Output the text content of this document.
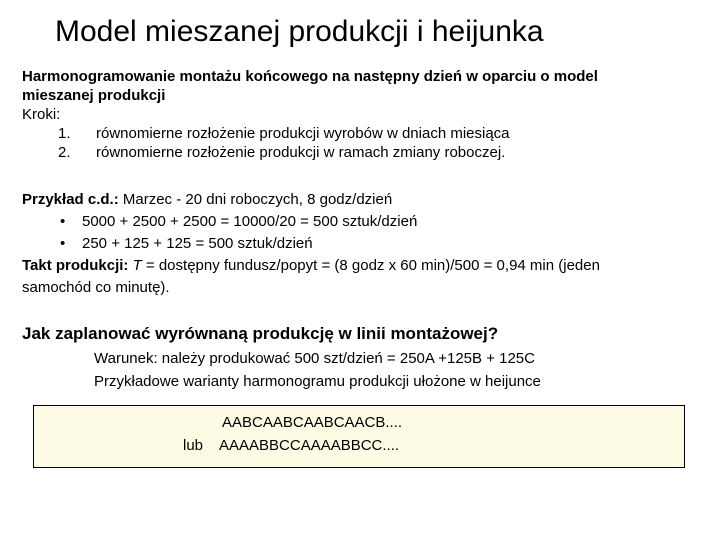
Model mieszanej produkcji i heijunka
Harmonogramowanie montażu końcowego na następny dzień w oparciu o model
mieszanej produkcji
Kroki:
1. równomierne rozłożenie produkcji wyrobów w dniach miesiąca
2. równomierne rozłożenie produkcji w ramach zmiany roboczej.
Przykład c.d.: Marzec - 20 dni roboczych, 8 godz/dzień
• 5000 + 2500 + 2500 = 10000/20 = 500 sztuk/dzień
• 250 + 125 + 125 = 500 sztuk/dzień
Takt produkcji: T = dostępny fundusz/popyt = (8 godz x 60 min)/500 = 0,94 min (jeden
samochód co minutę).
Jak zaplanować wyrównaną produkcję w linii montażowej?
Warunek: należy produkować 500 szt/dzień = 250A +125B + 125C
Przykładowe warianty harmonogramu produkcji ułożone w heijunce
AABCAABCAABCAACB....
lub AAAABBCCAAAABBCC....
